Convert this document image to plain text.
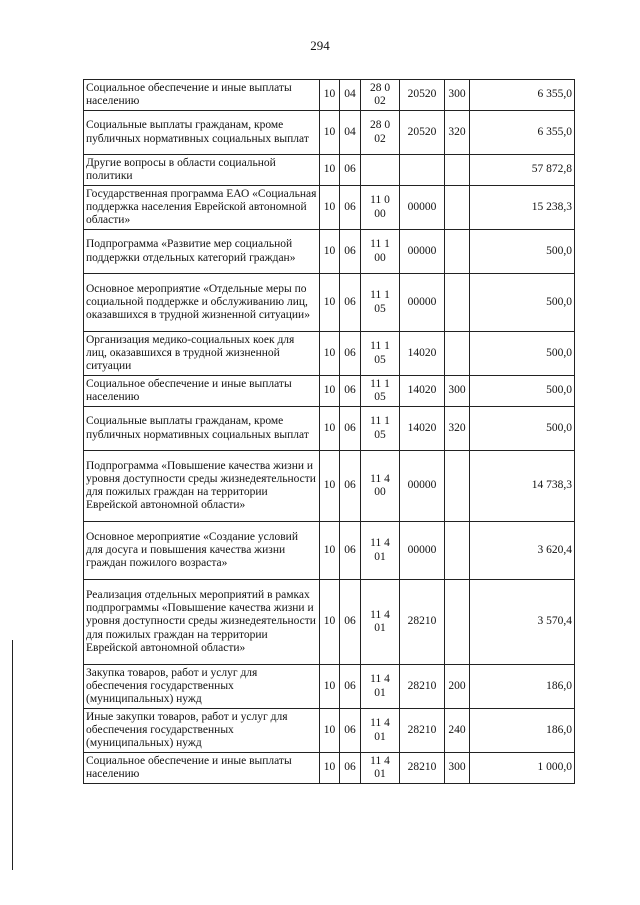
294
Социальное обеспечение и иные выплаты населению	10	04	28 0 02	20520	300	6 355,0
Социальные выплаты гражданам, кроме публичных нормативных социальных выплат	10	04	28 0 02	20520	320	6 355,0
Другие вопросы в области социальной политики	10	06				57 872,8
Государственная программа ЕАО «Социальная поддержка населения Еврейской автономной области»	10	06	11 0 00	00000		15 238,3
Подпрограмма «Развитие мер социальной поддержки отдельных категорий граждан»	10	06	11 1 00	00000		500,0
Основное мероприятие «Отдельные меры по социальной поддержке и обслуживанию лиц, оказавшихся в трудной жизненной ситуации»	10	06	11 1 05	00000		500,0
Организация медико-социальных коек для лиц, оказавшихся в трудной жизненной ситуации	10	06	11 1 05	14020		500,0
Социальное обеспечение и иные выплаты населению	10	06	11 1 05	14020	300	500,0
Социальные выплаты гражданам, кроме публичных нормативных социальных выплат	10	06	11 1 05	14020	320	500,0
Подпрограмма «Повышение качества жизни и уровня доступности среды жизнедеятельности для пожилых граждан на территории Еврейской автономной области»	10	06	11 4 00	00000		14 738,3
Основное мероприятие «Создание условий для досуга и повышения качества жизни граждан пожилого возраста»	10	06	11 4 01	00000		3 620,4
Реализация отдельных мероприятий в рамках подпрограммы «Повышение качества жизни и уровня доступности среды жизнедеятельности для пожилых граждан на территории Еврейской автономной области»	10	06	11 4 01	28210		3 570,4
Закупка товаров, работ и услуг для обеспечения государственных (муниципальных) нужд	10	06	11 4 01	28210	200	186,0
Иные закупки товаров, работ и услуг для обеспечения государственных (муниципальных) нужд	10	06	11 4 01	28210	240	186,0
Социальное обеспечение и иные выплаты населению	10	06	11 4 01	28210	300	1 000,0
